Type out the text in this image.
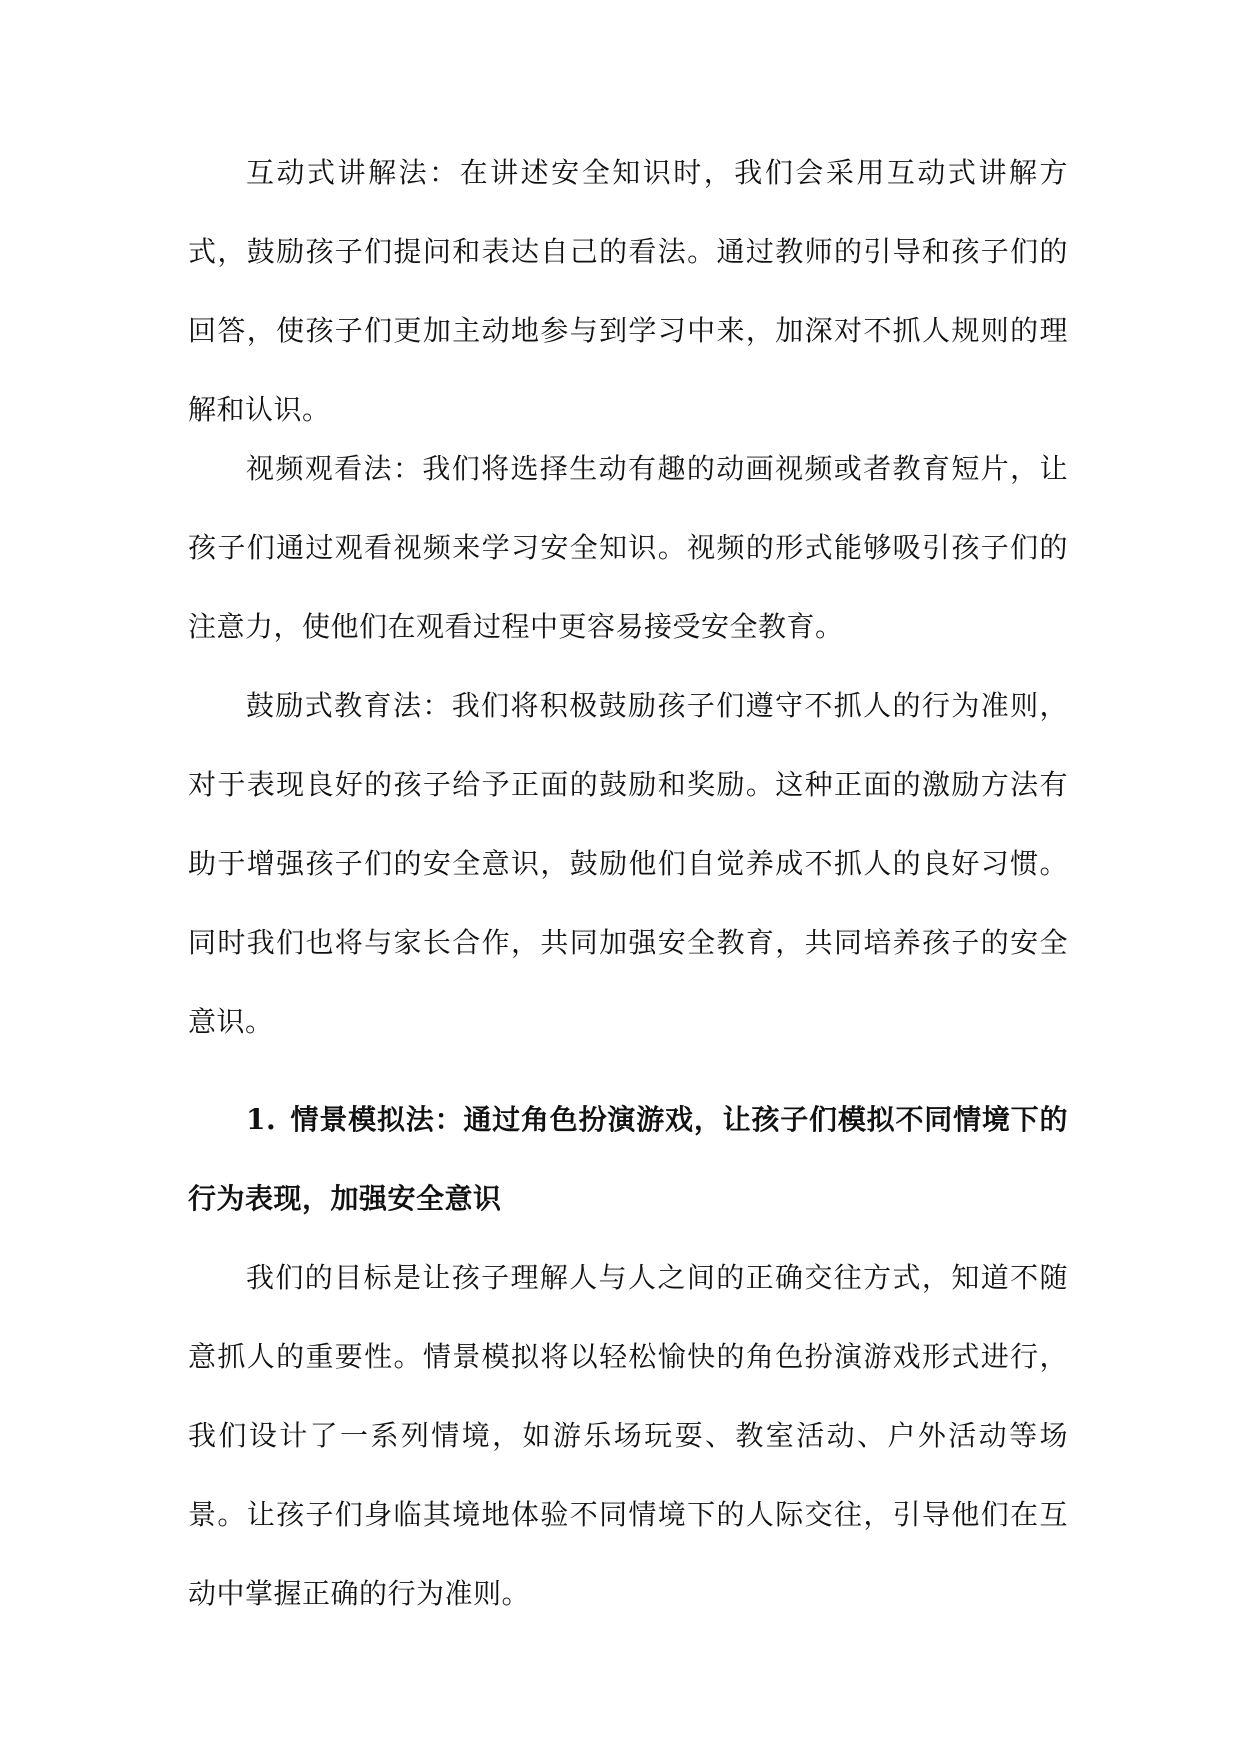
互动式讲解法：在讲述安全知识时，我们会采用互动式讲解方式，鼓励孩子们提问和表达自己的看法。通过教师的引导和孩子们的回答，使孩子们更加主动地参与到学习中来，加深对不抓人规则的理解和认识。

视频观看法：我们将选择生动有趣的动画视频或者教育短片，让孩子们通过观看视频来学习安全知识。视频的形式能够吸引孩子们的注意力，使他们在观看过程中更容易接受安全教育。

鼓励式教育法：我们将积极鼓励孩子们遵守不抓人的行为准则，对于表现良好的孩子给予正面的鼓励和奖励。这种正面的激励方法有助于增强孩子们的安全意识，鼓励他们自觉养成不抓人的良好习惯。同时我们也将与家长合作，共同加强安全教育，共同培养孩子的安全意识。

1. 情景模拟法：通过角色扮演游戏，让孩子们模拟不同情境下的行为表现，加强安全意识

我们的目标是让孩子理解人与人之间的正确交往方式，知道不随意抓人的重要性。情景模拟将以轻松愉快的角色扮演游戏形式进行，我们设计了一系列情境，如游乐场玩耍、教室活动、户外活动等场景。让孩子们身临其境地体验不同情境下的人际交往，引导他们在互动中掌握正确的行为准则。
